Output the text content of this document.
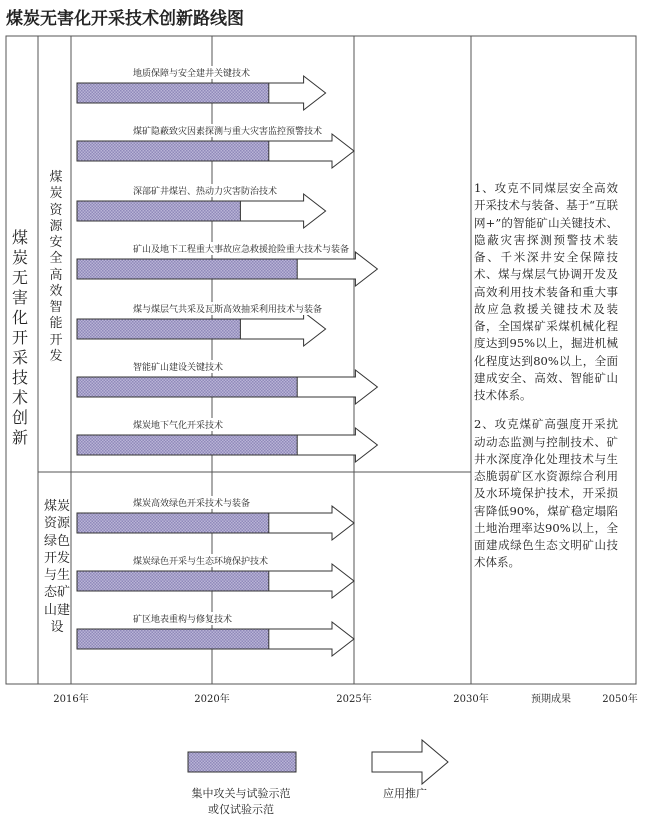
煤炭无害化开采技术创新路线图
煤
炭
无
害
化
开
采
技
术
创
新
煤
炭
资
源
安
全
高
效
智
能
开
发
煤炭
资源
绿色
开发
与生
态矿
山建
设
地质保障与安全建井关键技术
煤矿隐蔽致灾因素探测与重大灾害监控预警技术
深部矿井煤岩、热动力灾害防治技术
矿山及地下工程重大事故应急救援抢险重大技术与装备
煤与煤层气共采及瓦斯高效抽采利用技术与装备
智能矿山建设关键技术
煤炭地下气化开采技术
煤炭高效绿色开采技术与装备
煤炭绿色开采与生态环境保护技术
矿区地表重构与修复技术
2016年	2020年	2025年	2030年	预期成果	2050年

1、攻克不同煤层安全高效开采技术与装备、基于“互联网+”的智能矿山关键技术、隐蔽灾害探测预警技术装备、千米深井安全保障技术、煤与煤层气协调开发及高效利用技术装备和重大事故应急救援关键技术及装备，全国煤矿采煤机械化程度达到95%以上，掘进机械化程度达到80%以上，全面建成安全、高效、智能矿山技术体系。

2、攻克煤矿高强度开采扰动动态监测与控制技术、矿井水深度净化处理技术与生态脆弱矿区水资源综合利用及水环境保护技术，开采损害降低90%，煤矿稳定塌陷土地治理率达90%以上，全面建成绿色生态文明矿山技术体系。

集中攻关与试验示范
或仅试验示范
应用推广
